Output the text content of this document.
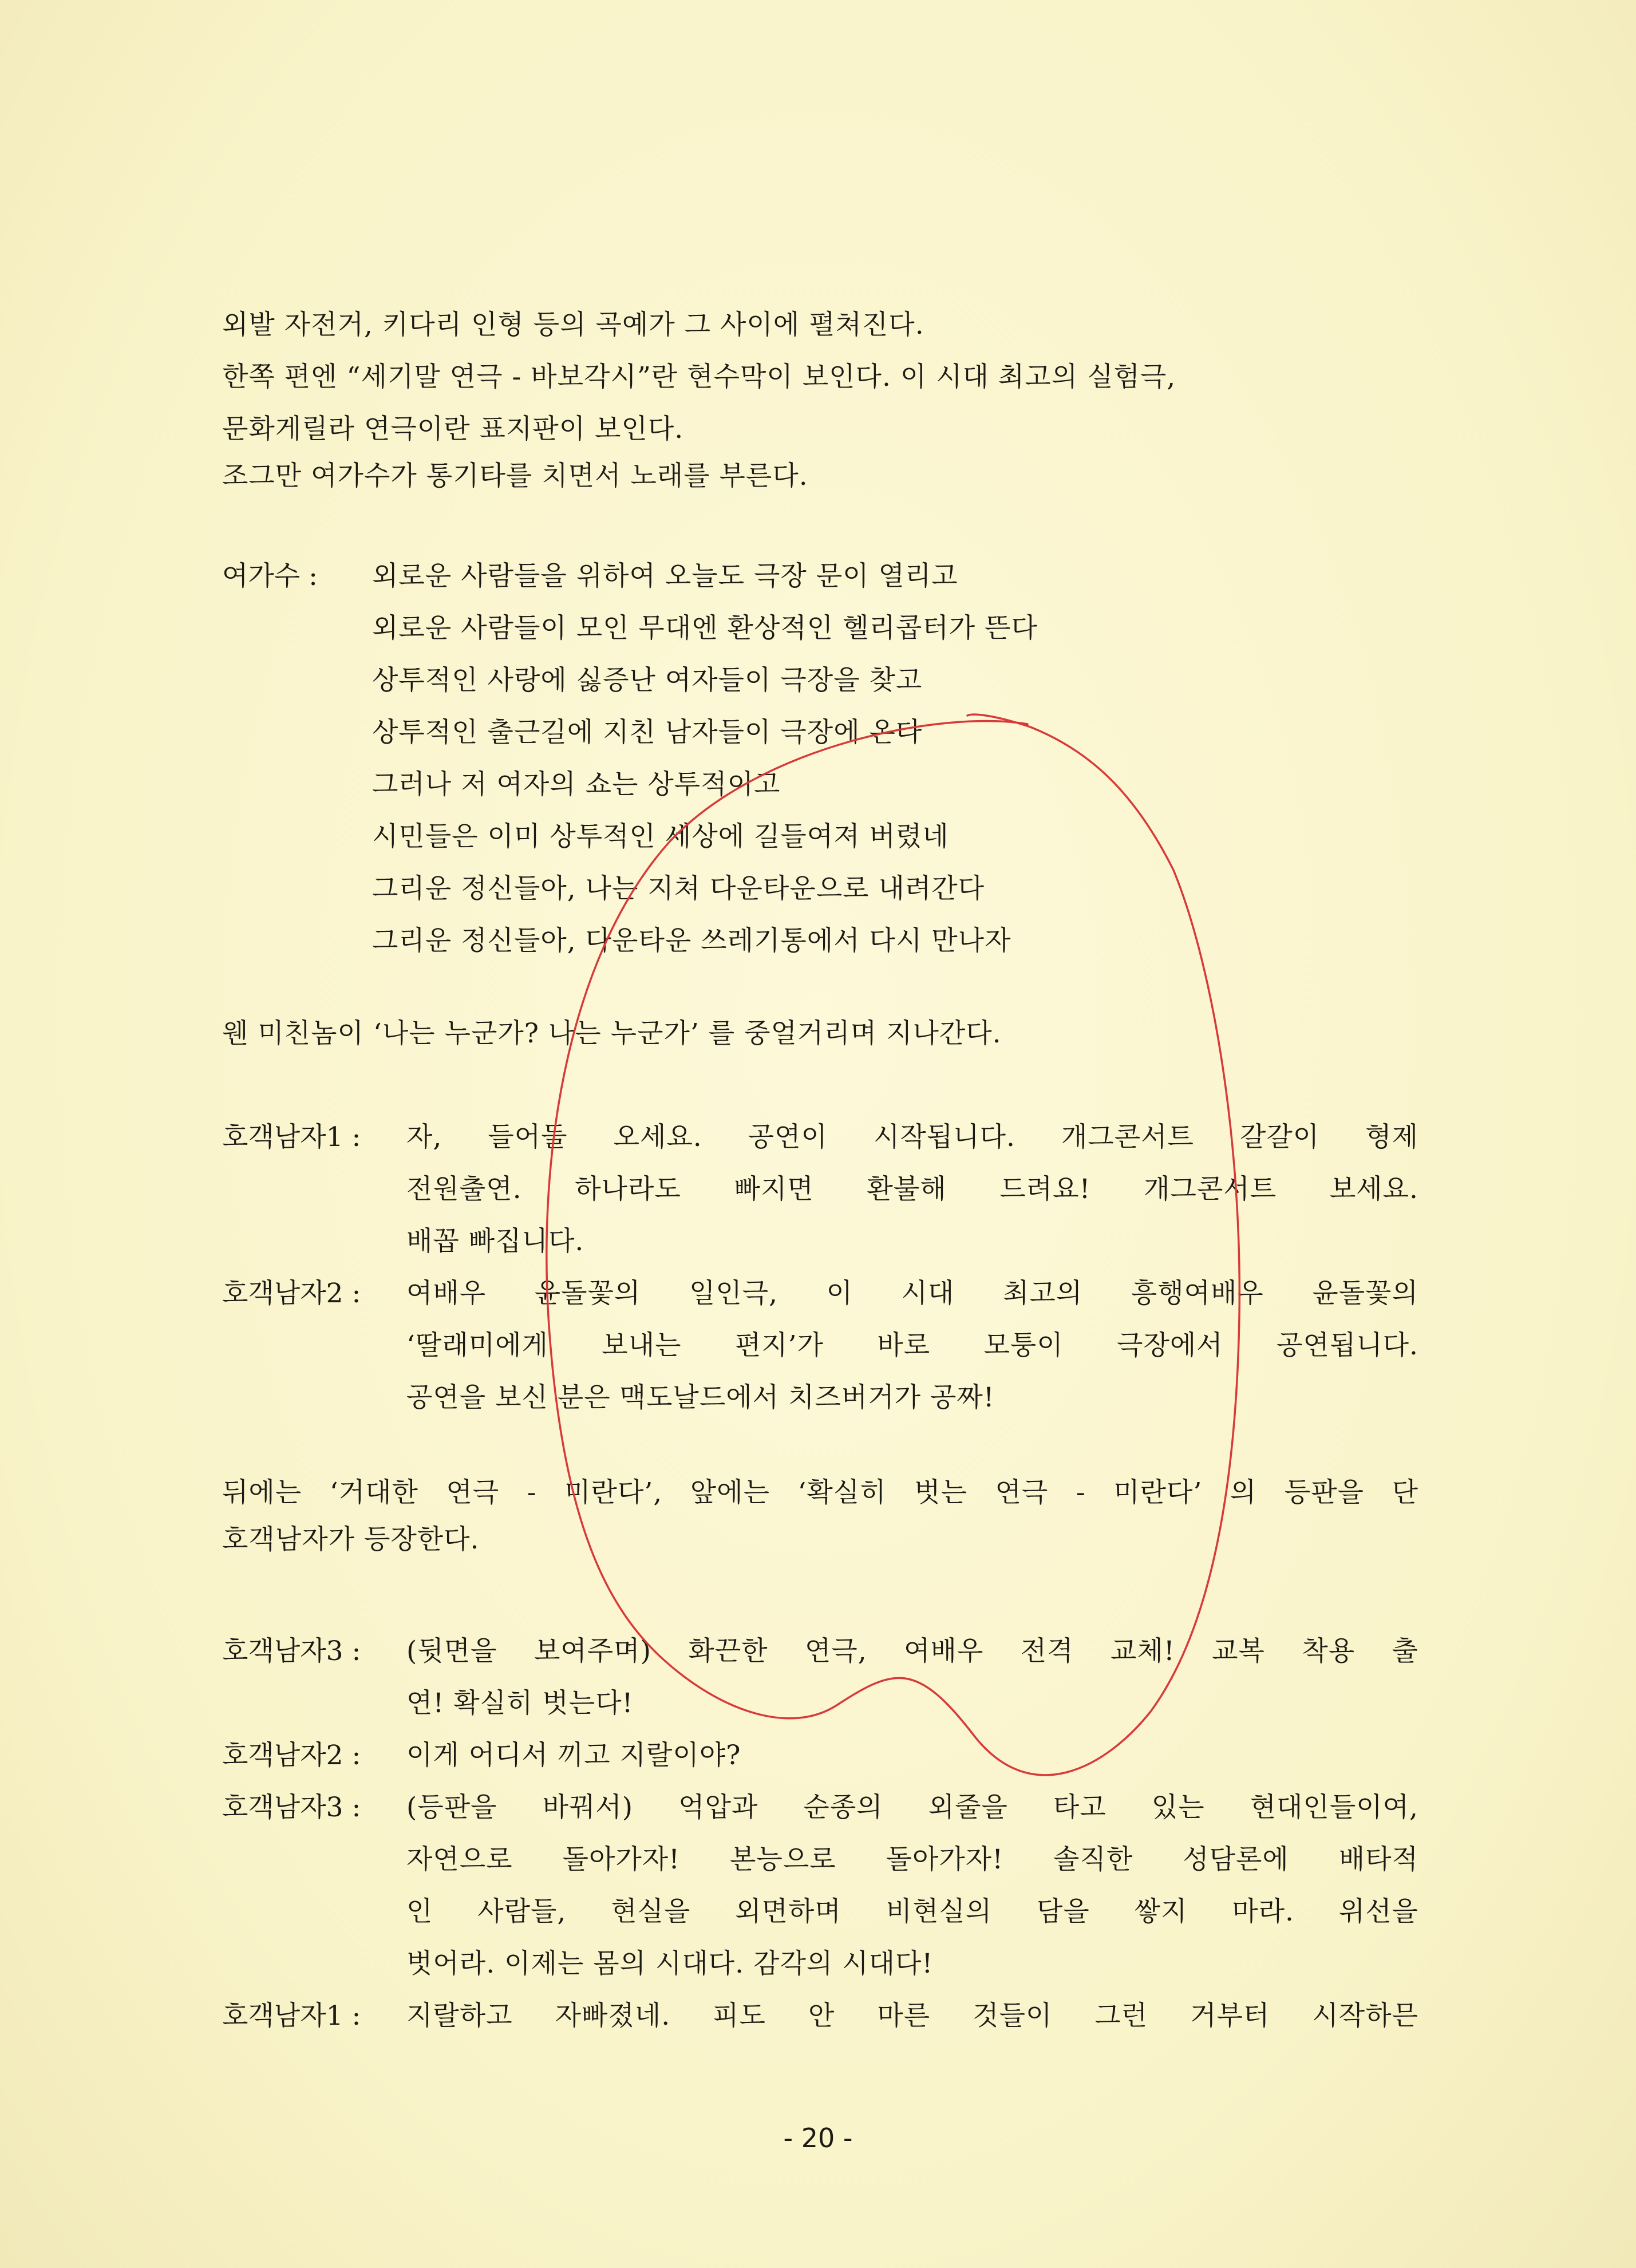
외발 자전거, 키다리 인형 등의 곡예가 그 사이에 펼쳐진다.
한쪽 편엔 “세기말 연극 - 바보각시”란 현수막이 보인다. 이 시대 최고의 실험극,
문화게릴라 연극이란 표지판이 보인다.
조그만 여가수가 통기타를 치면서 노래를 부른다.
여가수 : 외로운 사람들을 위하여 오늘도 극장 문이 열리고
외로운 사람들이 모인 무대엔 환상적인 헬리콥터가 뜬다
상투적인 사랑에 싫증난 여자들이 극장을 찾고
상투적인 출근길에 지친 남자들이 극장에 온다
그러나 저 여자의 쇼는 상투적이고
시민들은 이미 상투적인 세상에 길들여져 버렸네
그리운 정신들아, 나는 지쳐 다운타운으로 내려간다
그리운 정신들아, 다운타운 쓰레기통에서 다시 만나자
웬 미친놈이 ‘나는 누군가? 나는 누군가’ 를 중얼거리며 지나간다.
호객남자1 : 자, 들어들 오세요. 공연이 시작됩니다. 개그콘서트 갈갈이 형제
전원출연. 하나라도 빠지면 환불해 드려요! 개그콘서트 보세요.
배꼽 빠집니다.
호객남자2 : 여배우 윤돌꽃의 일인극, 이 시대 최고의 흥행여배우 윤돌꽃의
‘딸래미에게 보내는 편지’가 바로 모퉁이 극장에서 공연됩니다.
공연을 보신 분은 맥도날드에서 치즈버거가 공짜!
뒤에는 ‘거대한 연극 - 미란다’, 앞에는 ‘확실히 벗는 연극 - 미란다’ 의 등판을 단
호객남자가 등장한다.
호객남자3 : (뒷면을 보여주며) 화끈한 연극, 여배우 전격 교체! 교복 착용 출
연! 확실히 벗는다!
호객남자2 : 이게 어디서 끼고 지랄이야?
호객남자3 : (등판을 바꿔서) 억압과 순종의 외줄을 타고 있는 현대인들이여,
자연으로 돌아가자! 본능으로 돌아가자! 솔직한 성담론에 배타적
인 사람들, 현실을 외면하며 비현실의 담을 쌓지 마라. 위선을
벗어라. 이제는 몸의 시대다. 감각의 시대다!
호객남자1 : 지랄하고 자빠졌네. 피도 안 마른 것들이 그런 거부터 시작하믄
- 20 -
